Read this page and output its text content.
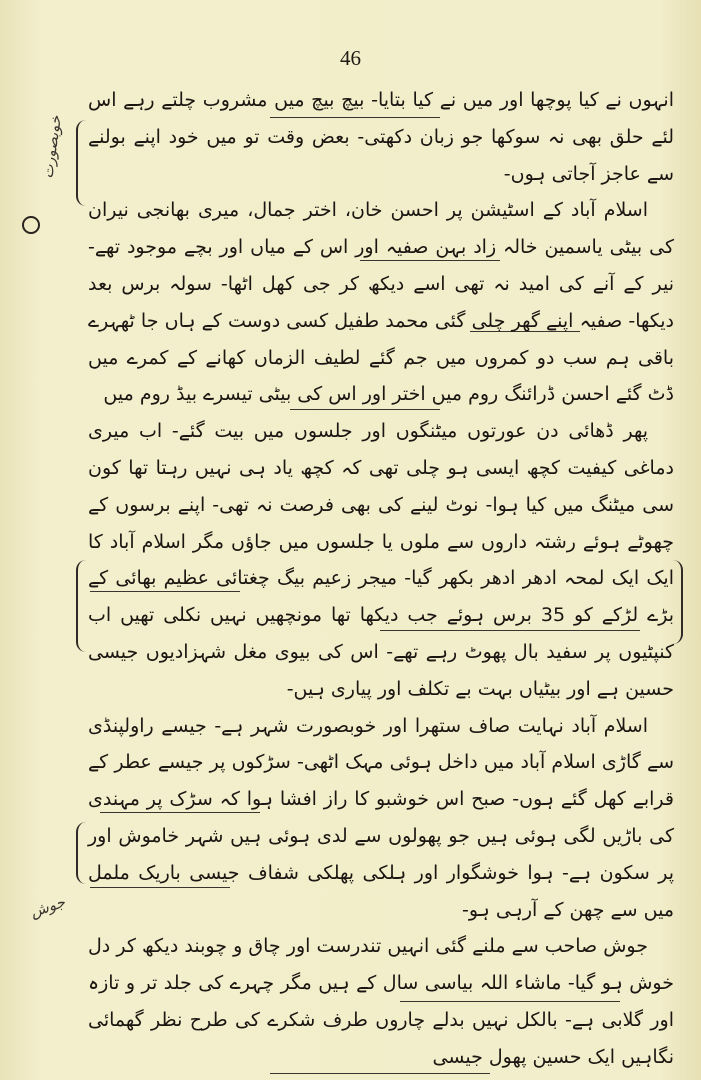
46
خوبصورت
جوش

انہوں نے کیا پوچھا اور میں نے کیا بتایا- بیچ بیچ میں مشروب چلتے رہے اس لئے حلق بھی نہ سوکھا جو زبان دکھتی- بعض وقت تو میں خود اپنے بولنے سے عاجز آجاتی ہوں-

اسلام آباد کے اسٹیشن پر احسن خان، اختر جمال، میری بھانجی نیران کی بیٹی یاسمین خالہ زاد بہن صفیہ اور اس کے میاں اور بچے موجود تھے- نیر کے آنے کی امید نہ تھی اسے دیکھ کر جی کھل اٹھا- سولہ برس بعد دیکھا- صفیہ اپنے گھر چلی گئی محمد طفیل کسی دوست کے ہاں جا ٹھہرے باقی ہم سب دو کمروں میں جم گئے لطیف الزماں کھانے کے کمرے میں ڈٹ گئے احسن ڈرائنگ روم میں اختر اور اس کی بیٹی تیسرے بیڈ روم میں

پھر ڈھائی دن عورتوں میٹنگوں اور جلسوں میں بیت گئے- اب میری دماغی کیفیت کچھ ایسی ہو چلی تھی کہ کچھ یاد ہی نہیں رہتا تھا کون سی میٹنگ میں کیا ہوا- نوٹ لینے کی بھی فرصت نہ تھی- اپنے برسوں کے چھوٹے ہوئے رشتہ داروں سے ملوں یا جلسوں میں جاؤں مگر اسلام آباد کا ایک ایک لمحہ ادھر ادھر بکھر گیا- میجر زعیم بیگ چغتائی عظیم بھائی کے بڑے لڑکے کو 35 برس ہوئے جب دیکھا تھا مونچھیں نہیں نکلی تھیں اب کنپٹیوں پر سفید بال پھوٹ رہے تھے- اس کی بیوی مغل شہزادیوں جیسی حسین ہے اور بیٹیاں بہت بے تکلف اور پیاری ہیں-

اسلام آباد نہایت صاف ستھرا اور خوبصورت شہر ہے- جیسے راولپنڈی سے گاڑی اسلام آباد میں داخل ہوئی مہک اٹھی- سڑکوں پر جیسے عطر کے قرابے کھل گئے ہوں- صبح اس خوشبو کا راز افشا ہوا کہ سڑک پر مہندی کی باڑیں لگی ہوئی ہیں جو پھولوں سے لدی ہوئی ہیں شہر خاموش اور پر سکون ہے- ہوا خوشگوار اور ہلکی پھلکی شفاف جیسی باریک ململ میں سے چھن کے آرہی ہو-

جوش صاحب سے ملنے گئی انہیں تندرست اور چاق و چوبند دیکھ کر دل خوش ہو گیا- ماشاء اللہ بیاسی سال کے ہیں مگر چہرے کی جلد تر و تازہ اور گلابی ہے- بالکل نہیں بدلے چاروں طرف شکرے کی طرح نظر گھمائی نگاہیں ایک حسین پھول جیسی
